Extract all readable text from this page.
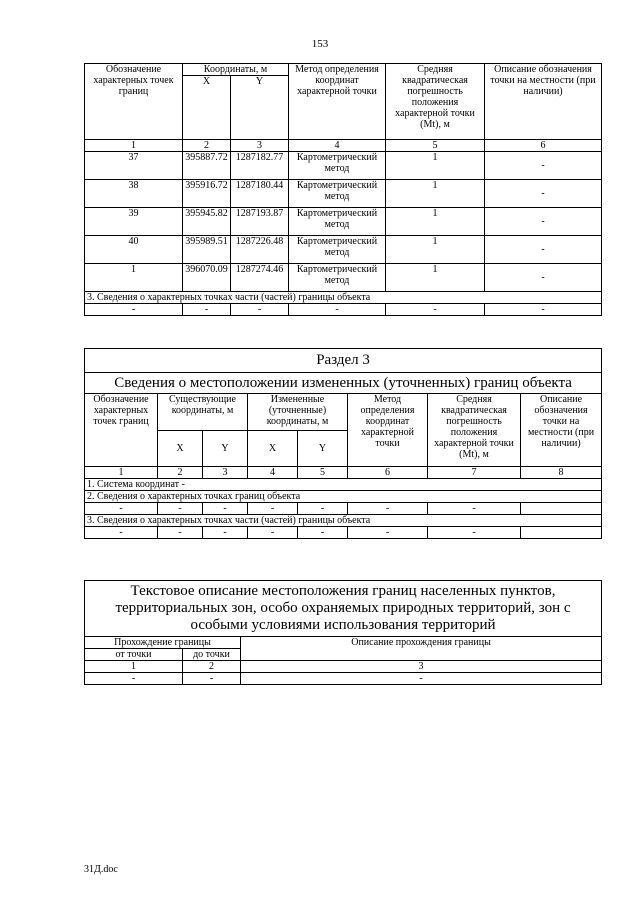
153
Обозначение характерных точек границ	Координаты, м		Метод определения координат характерной точки	Средняя квадратическая погрешность положения характерной точки (Mt), м	Описание обозначения точки на местности (при наличии)
	X	Y			
1	2	3	4	5	6
37	395887.72	1287182.77	Картометрический метод	1	-
38	395916.72	1287180.44	Картометрический метод	1	-
39	395945.82	1287193.87	Картометрический метод	1	-
40	395989.51	1287226.48	Картометрический метод	1	-
1	396070.09	1287274.46	Картометрический метод	1	-
3. Сведения о характерных точках части (частей) границы объекта					
-	-	-	-	-	-
Раздел 3							
Сведения о местоположении измененных (уточненных) границ объекта							
Обозначение характерных точек границ	Существующие координаты, м		Измененные (уточненные) координаты, м		Метод определения координат характерной точки	Средняя квадратическая погрешность положения характерной точки (Mt), м	Описание обозначения точки на местности (при наличии)
	X	Y	X	Y			
1	2	3	4	5	6	7	8
1. Система координат -							
2. Сведения о характерных точках границ объекта							
-	-	-	-	-	-	-	
3. Сведения о характерных точках части (частей) границы объекта							
-	-	-	-	-	-	-	
Текстовое описание местоположения границ населенных пунктов, территориальных зон, особо охраняемых природных территорий, зон с особыми условиями использования территорий		
Прохождение границы		Описание прохождения границы
от точки	до точки	
1	2	3
-	-	-
31Д.doc
